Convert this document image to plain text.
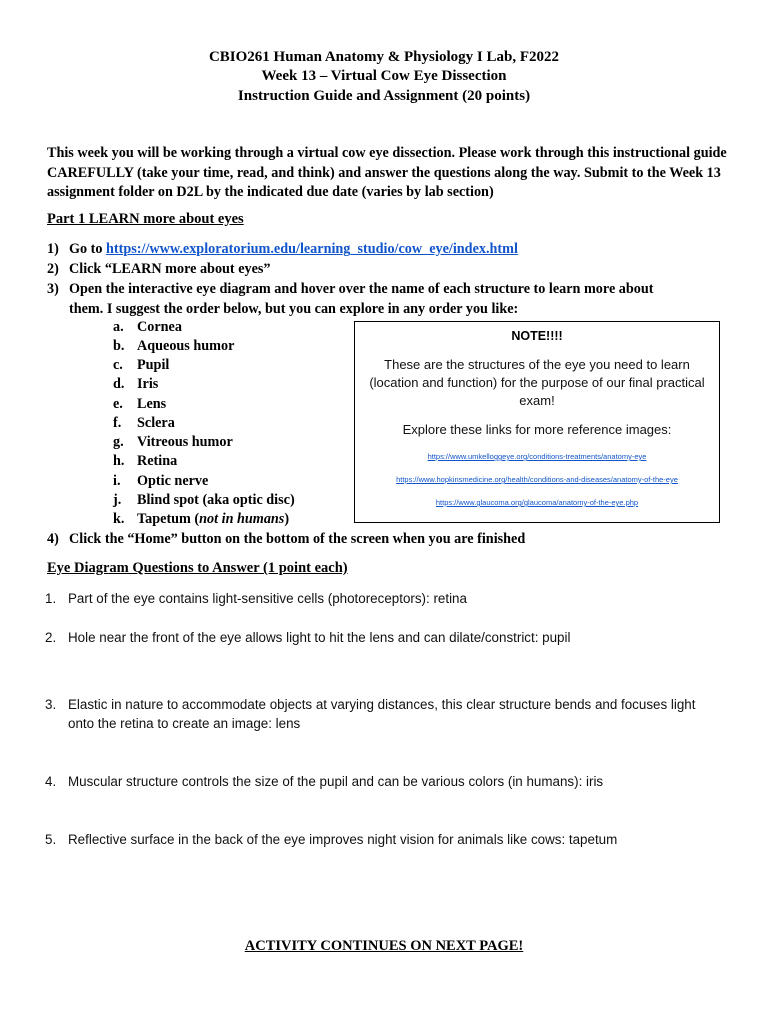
CBIO261 Human Anatomy & Physiology I Lab, F2022
Week 13 – Virtual Cow Eye Dissection
Instruction Guide and Assignment (20 points)
This week you will be working through a virtual cow eye dissection. Please work through this instructional guide CAREFULLY (take your time, read, and think) and answer the questions along the way. Submit to the Week 13 assignment folder on D2L by the indicated due date (varies by lab section)
Part 1 LEARN more about eyes
1) Go to https://www.exploratorium.edu/learning_studio/cow_eye/index.html
2) Click “LEARN more about eyes”
3) Open the interactive eye diagram and hover over the name of each structure to learn more about
them. I suggest the order below, but you can explore in any order you like:
a. Cornea
b. Aqueous humor
c. Pupil
d. Iris
e. Lens
f. Sclera
g. Vitreous humor
h. Retina
i. Optic nerve
j. Blind spot (aka optic disc)
k. Tapetum (not in humans)
NOTE!!!!
These are the structures of the eye you need to learn (location and function) for the purpose of our final practical exam!
Explore these links for more reference images:
https://www.umkelloggeye.org/conditions-treatments/anatomy-eye
https://www.hopkinsmedicine.org/health/conditions-and-diseases/anatomy-of-the-eye
https://www.glaucoma.org/glaucoma/anatomy-of-the-eye.php
4) Click the “Home” button on the bottom of the screen when you are finished
Eye Diagram Questions to Answer (1 point each)
1. Part of the eye contains light-sensitive cells (photoreceptors): retina
2. Hole near the front of the eye allows light to hit the lens and can dilate/constrict: pupil
3. Elastic in nature to accommodate objects at varying distances, this clear structure bends and focuses light
onto the retina to create an image: lens
4. Muscular structure controls the size of the pupil and can be various colors (in humans): iris
5. Reflective surface in the back of the eye improves night vision for animals like cows: tapetum
ACTIVITY CONTINUES ON NEXT PAGE!
